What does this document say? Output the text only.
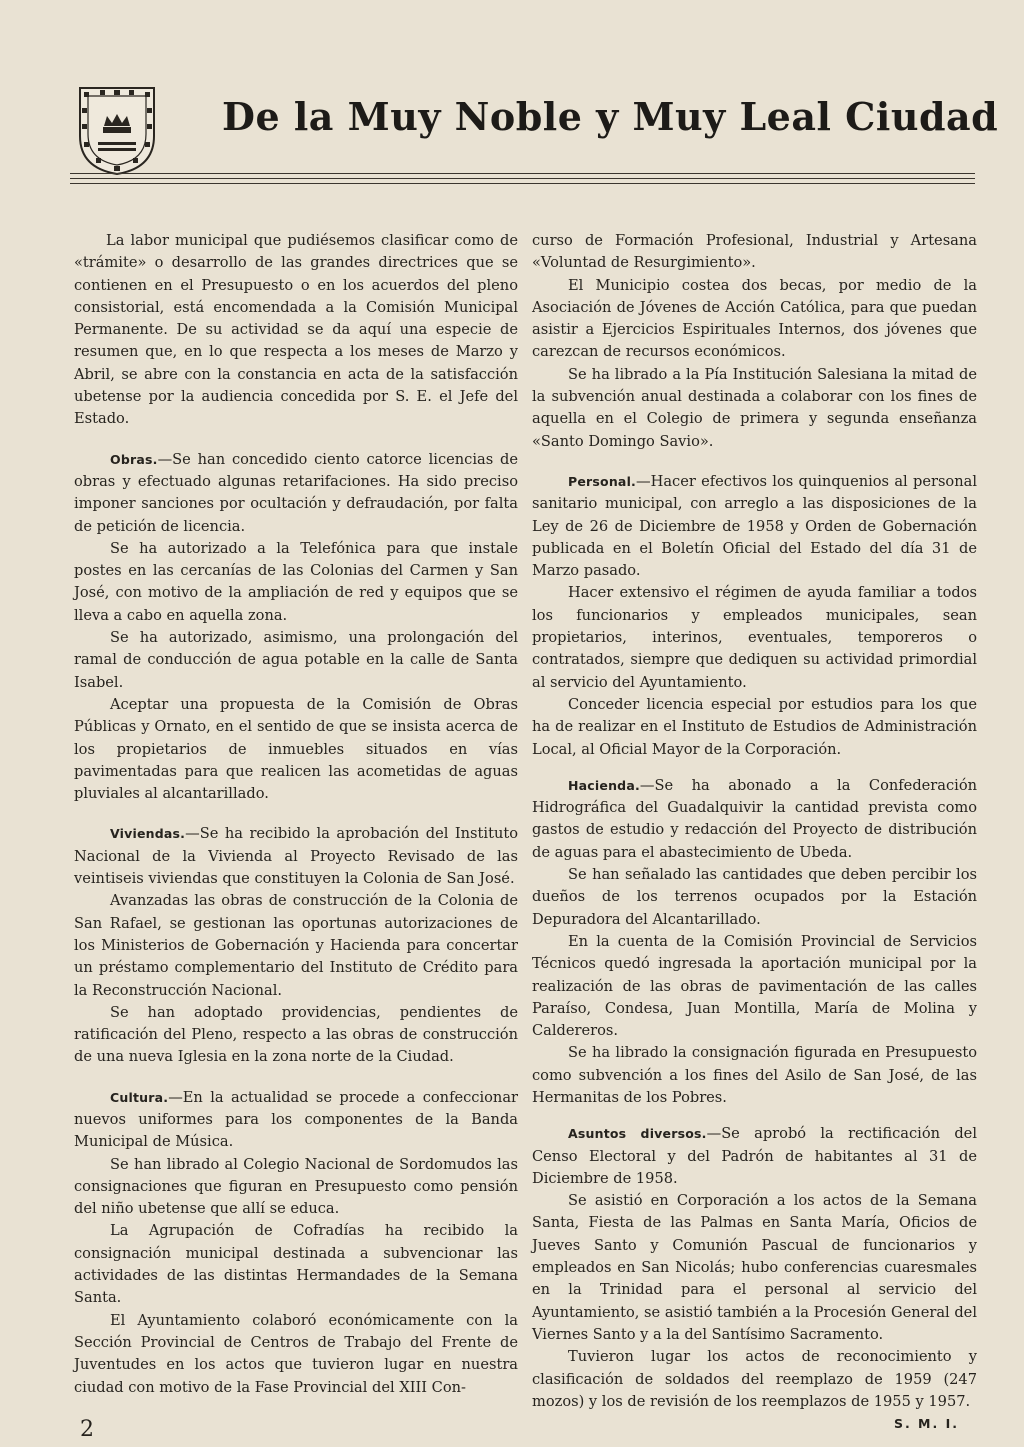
De la Muy Noble y Muy Leal Ciudad

La labor municipal que pudiésemos clasificar como de «trámite» o desarrollo de las grandes directrices que se contienen en el Presupuesto o en los acuerdos del pleno consistorial, está encomendada a la Comisión Municipal Permanente. De su actividad se da aquí una especie de resumen que, en lo que respecta a los meses de Marzo y Abril, se abre con la constancia en acta de la satisfacción ubetense por la audiencia concedida por S. E. el Jefe del Estado.

Obras.—Se han concedido ciento catorce licencias de obras y efectuado algunas retarifaciones. Ha sido preciso imponer sanciones por ocultación y defraudación, por falta de petición de licencia.

Se ha autorizado a la Telefónica para que instale postes en las cercanías de las Colonias del Carmen y San José, con motivo de la ampliación de red y equipos que se lleva a cabo en aquella zona.

Se ha autorizado, asimismo, una prolongación del ramal de conducción de agua potable en la calle de Santa Isabel.

Aceptar una propuesta de la Comisión de Obras Públicas y Ornato, en el sentido de que se insista acerca de los propietarios de inmuebles situados en vías pavimentadas para que realicen las acometidas de aguas pluviales al alcantarillado.

Viviendas.—Se ha recibido la aprobación del Instituto Nacional de la Vivienda al Proyecto Revisado de las veintiseis viviendas que constituyen la Colonia de San José.

Avanzadas las obras de construcción de la Colonia de San Rafael, se gestionan las oportunas autorizaciones de los Ministerios de Gobernación y Hacienda para concertar un préstamo complementario del Instituto de Crédito para la Reconstrucción Nacional.

Se han adoptado providencias, pendientes de ratificación del Pleno, respecto a las obras de construcción de una nueva Iglesia en la zona norte de la Ciudad.

Cultura.—En la actualidad se procede a confeccionar nuevos uniformes para los componentes de la Banda Municipal de Música.

Se han librado al Colegio Nacional de Sordomudos las consignaciones que figuran en Presupuesto como pensión del niño ubetense que allí se educa.

La Agrupación de Cofradías ha recibido la consignación municipal destinada a subvencionar las actividades de las distintas Hermandades de la Semana Santa.

El Ayuntamiento colaboró económicamente con la Sección Provincial de Centros de Trabajo del Frente de Juventudes en los actos que tuvieron lugar en nuestra ciudad con motivo de la Fase Provincial del XIII Con-

curso de Formación Profesional, Industrial y Artesana «Voluntad de Resurgimiento».

El Municipio costea dos becas, por medio de la Asociación de Jóvenes de Acción Católica, para que puedan asistir a Ejercicios Espirituales Internos, dos jóvenes que carezcan de recursos económicos.

Se ha librado a la Pía Institución Salesiana la mitad de la subvención anual destinada a colaborar con los fines de aquella en el Colegio de primera y segunda enseñanza «Santo Domingo Savio».

Personal.—Hacer efectivos los quinquenios al personal sanitario municipal, con arreglo a las disposiciones de la Ley de 26 de Diciembre de 1958 y Orden de Gobernación publicada en el Boletín Oficial del Estado del día 31 de Marzo pasado.

Hacer extensivo el régimen de ayuda familiar a todos los funcionarios y empleados municipales, sean propietarios, interinos, eventuales, temporeros o contratados, siempre que dediquen su actividad primordial al servicio del Ayuntamiento.

Conceder licencia especial por estudios para los que ha de realizar en el Instituto de Estudios de Administración Local, al Oficial Mayor de la Corporación.

Hacienda.—Se ha abonado a la Confederación Hidrográfica del Guadalquivir la cantidad prevista como gastos de estudio y redacción del Proyecto de distribución de aguas para el abastecimiento de Ubeda.

Se han señalado las cantidades que deben percibir los dueños de los terrenos ocupados por la Estación Depuradora del Alcantarillado.

En la cuenta de la Comisión Provincial de Servicios Técnicos quedó ingresada la aportación municipal por la realización de las obras de pavimentación de las calles Paraíso, Condesa, Juan Montilla, María de Molina y Caldereros.

Se ha librado la consignación figurada en Presupuesto como subvención a los fines del Asilo de San José, de las Hermanitas de los Pobres.

Asuntos diversos.—Se aprobó la rectificación del Censo Electoral y del Padrón de habitantes al 31 de Diciembre de 1958.

Se asistió en Corporación a los actos de la Semana Santa, Fiesta de las Palmas en Santa María, Oficios de Jueves Santo y Comunión Pascual de funcionarios y empleados en San Nicolás; hubo conferencias cuaresmales en la Trinidad para el personal al servicio del Ayuntamiento, se asistió también a la Procesión General del Viernes Santo y a la del Santísimo Sacramento.

Tuvieron lugar los actos de reconocimiento y clasificación de soldados del reemplazo de 1959 (247 mozos) y los de revisión de los reemplazos de 1955 y 1957.

S. M. I.
2
